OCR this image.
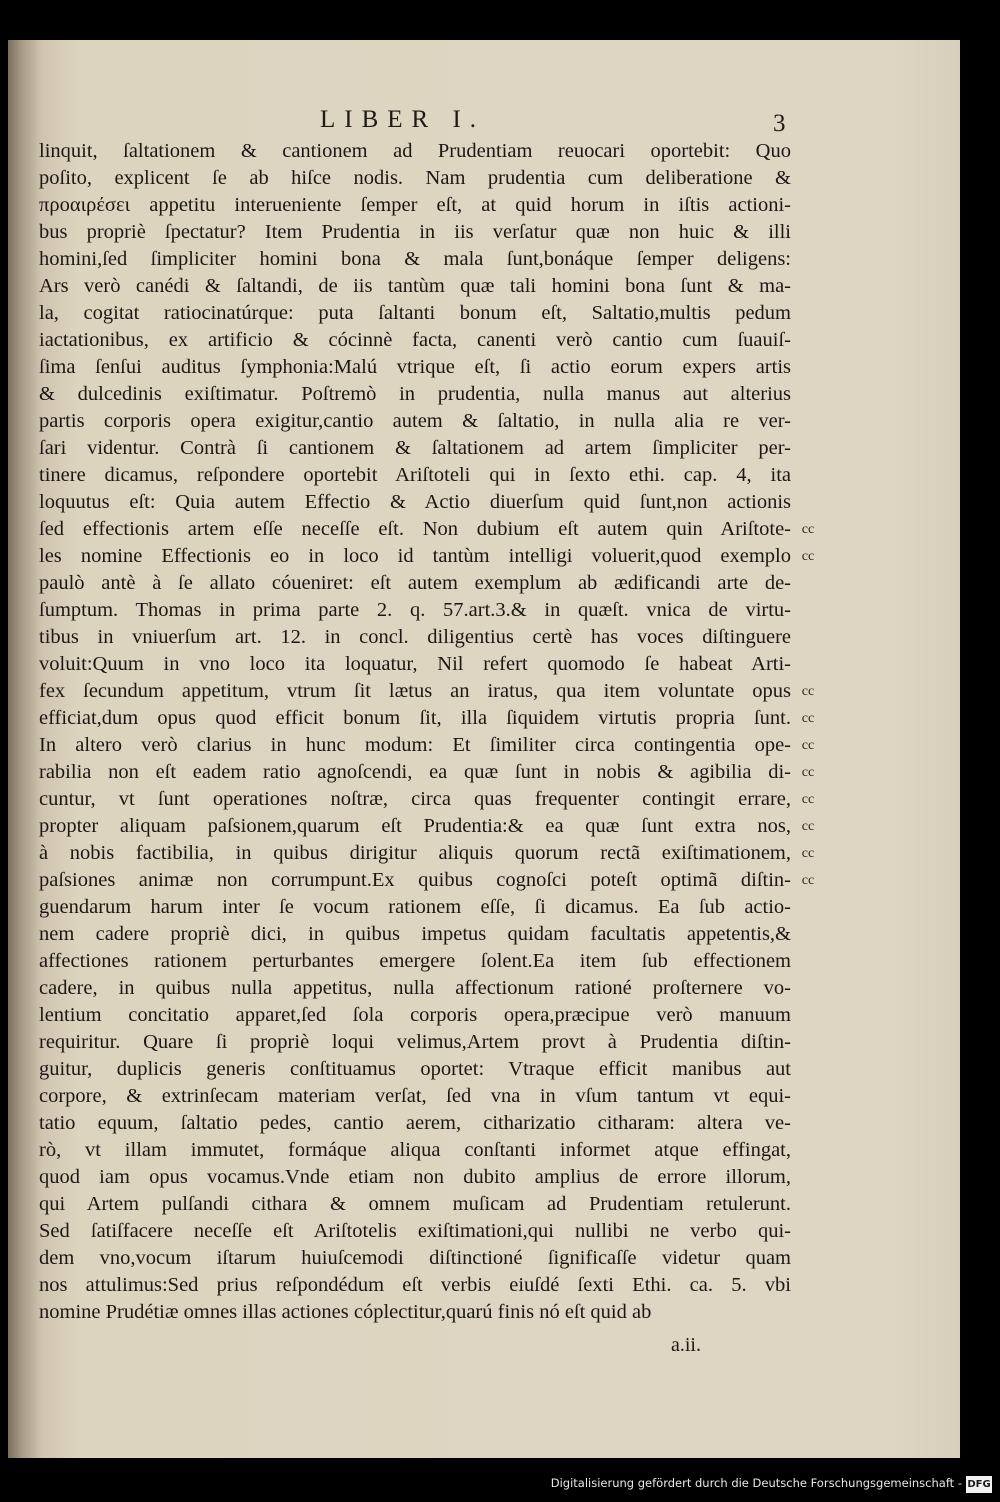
LIBER I.	3
linquit, ſaltationem & cantionem ad Prudentiam reuocari oportebit: Quo
poſito, explicent ſe ab hiſce nodis. Nam prudentia cum deliberatione &
προαιρέσει appetitu interueniente ſemper eſt, at quid horum in iſtis actioni-
bus propriè ſpectatur? Item Prudentia in iis verſatur quæ non huic & illi
homini,ſed ſimpliciter homini bona & mala ſunt,bonáque ſemper deligens:
Ars verò canédi & ſaltandi, de iis tantùm quæ tali homini bona ſunt & ma-
la, cogitat ratiocinatúrque: puta ſaltanti bonum eſt, Saltatio,multis pedum
iactationibus, ex artificio & cócinnè facta, canenti verò cantio cum ſuauiſ-
ſima ſenſui auditus ſymphonia:Malú vtrique eſt, ſi actio eorum expers artis
& dulcedinis exiſtimatur. Poſtremò in prudentia, nulla manus aut alterius
partis corporis opera exigitur,cantio autem & ſaltatio, in nulla alia re ver-
ſari videntur. Contrà ſi cantionem & ſaltationem ad artem ſimpliciter per-
tinere dicamus, reſpondere oportebit Ariſtoteli qui in ſexto ethi. cap. 4, ita
loquutus eſt: Quia autem Effectio & Actio diuerſum quid ſunt,non actionis
ſed effectionis artem eſſe neceſſe eſt. Non dubium eſt autem quin Ariſtote-
les nomine Effectionis eo in loco id tantùm intelligi voluerit,quod exemplo
paulò antè à ſe allato cóueniret: eſt autem exemplum ab ædificandi arte de-
ſumptum. Thomas in prima parte 2. q. 57.art.3.& in quæſt. vnica de virtu-
tibus in vniuerſum art. 12. in concl. diligentius certè has voces diſtinguere
voluit:Quum in vno loco ita loquatur, Nil refert quomodo ſe habeat Arti-
fex ſecundum appetitum, vtrum ſit lætus an iratus, qua item voluntate opus
efficiat,dum opus quod efficit bonum ſit, illa ſiquidem virtutis propria ſunt.
In altero verò clarius in hunc modum: Et ſimiliter circa contingentia ope-
rabilia non eſt eadem ratio agnoſcendi, ea quæ ſunt in nobis & agibilia di-
cuntur, vt ſunt operationes noſtræ, circa quas frequenter contingit errare,
propter aliquam paſsionem,quarum eſt Prudentia:& ea quæ ſunt extra nos,
à nobis factibilia, in quibus dirigitur aliquis quorum rectã exiſtimationem,
paſsiones animæ non corrumpunt.Ex quibus cognoſci poteſt optimã diſtin-
guendarum harum inter ſe vocum rationem eſſe, ſi dicamus. Ea ſub actio-
nem cadere propriè dici, in quibus impetus quidam facultatis appetentis,&
affectiones rationem perturbantes emergere ſolent.Ea item ſub effectionem
cadere, in quibus nulla appetitus, nulla affectionum rationé proſternere vo-
lentium concitatio apparet,ſed ſola corporis opera,præcipue verò manuum
requiritur. Quare ſi propriè loqui velimus,Artem provt à Prudentia diſtin-
guitur, duplicis generis conſtituamus oportet: Vtraque efficit manibus aut
corpore, & extrinſecam materiam verſat, ſed vna in vſum tantum vt equi-
tatio equum, ſaltatio pedes, cantio aerem, citharizatio citharam: altera ve-
rò, vt illam immutet, formáque aliqua conſtanti informet atque effingat,
quod iam opus vocamus.Vnde etiam non dubito amplius de errore illorum,
qui Artem pulſandi cithara & omnem muſicam ad Prudentiam retulerunt.
Sed ſatiſfacere neceſſe eſt Ariſtotelis exiſtimationi,qui nullibi ne verbo qui-
dem vno,vocum iſtarum huiuſcemodi diſtinctioné ſignificaſſe videtur quam
nos attulimus:Sed prius reſpondédum eſt verbis eiuſdé ſexti Ethi. ca. 5. vbi
nomine Prudétiæ omnes illas actiones cóplectitur,quarú finis nó eſt quid ab
cc
cc
cc
cc
cc
cc
cc
cc
cc
cc
a.ii.
Digitalisierung gefördert durch die Deutsche Forschungsgemeinschaft - DFG
